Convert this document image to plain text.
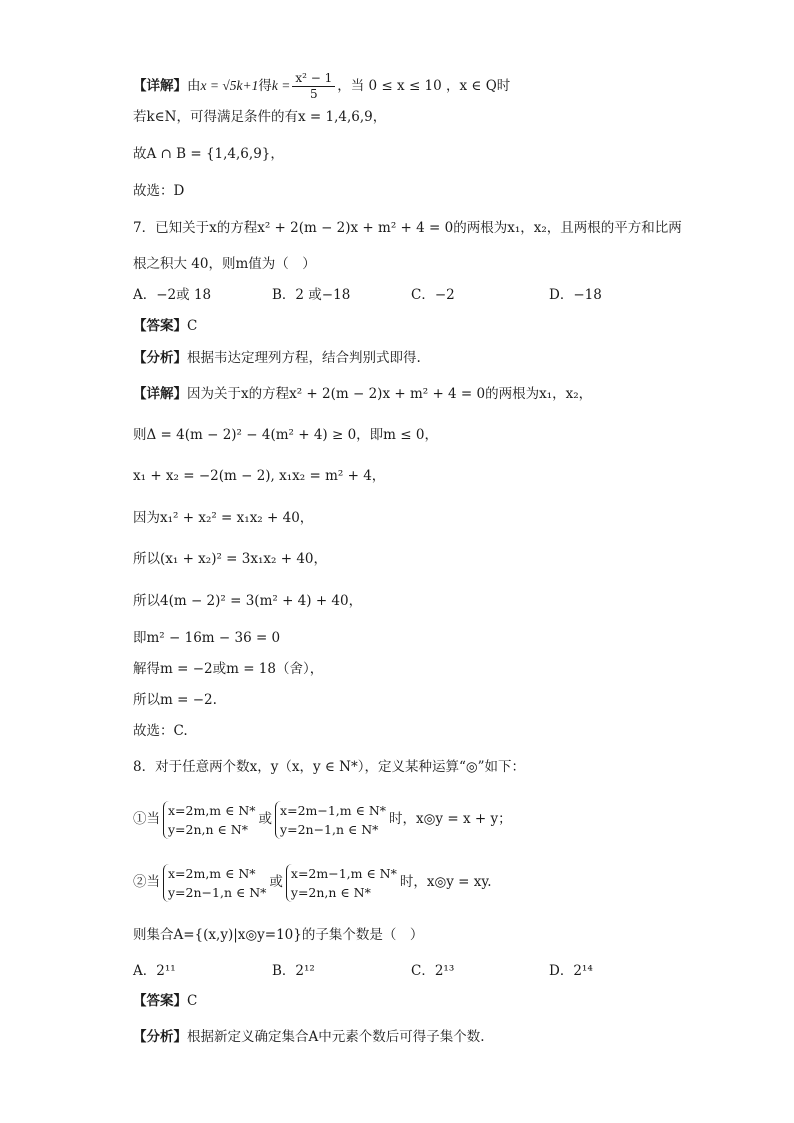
【详解】由x = √5k+1得$k = \frac{\text{x² − 1}}{5}$ ，当 0 ≤ x ≤ 10 ，x ∈ Q时
若k∈N，可得满足条件的有x = 1,4,6,9，
故A ∩ B = {1,4,6,9}，
故选：D
7．已知关于x的方程x² + 2(m − 2)x + m² + 4 = 0的两根为x₁，x₂，且两根的平方和比两
根之积大 40，则m值为（　）
A．−2或 18	B．2 或−18	C．−2	D．−18
【答案】C
【分析】根据韦达定理列方程，结合判别式即得.
【详解】因为关于x的方程x² + 2(m − 2)x + m² + 4 = 0的两根为x₁，x₂，
则Δ = 4(m − 2)² − 4(m² + 4) ≥ 0，即m ≤ 0，
x₁ + x₂ = −2(m − 2), x₁x₂ = m² + 4，
因为x₁² + x₂² = x₁x₂ + 40，
所以(x₁ + x₂)² = 3x₁x₂ + 40，
所以4(m − 2)² = 3(m² + 4) + 40，
即m² − 16m − 36 = 0
解得m = −2或m = 18（舍），
所以m = −2.
故选：C.
8．对于任意两个数x，y（x，y ∈ N*），定义某种运算“◎”如下：
①当
x=2m,m ∈ N*
y=2n,n ∈ N*
或
x=2m−1,m ∈ N*
y=2n−1,n ∈ N*
时，x◎y = x + y；
②当
x=2m,m ∈ N*
y=2n−1,n ∈ N*
或
x=2m−1,m ∈ N*
y=2n,n ∈ N*
时，x◎y = xy.
则集合A={(x,y)|x◎y=10}的子集个数是（　）
A．2¹¹	B．2¹²	C．2¹³	D．2¹⁴
【答案】C
【分析】根据新定义确定集合A中元素个数后可得子集个数.
